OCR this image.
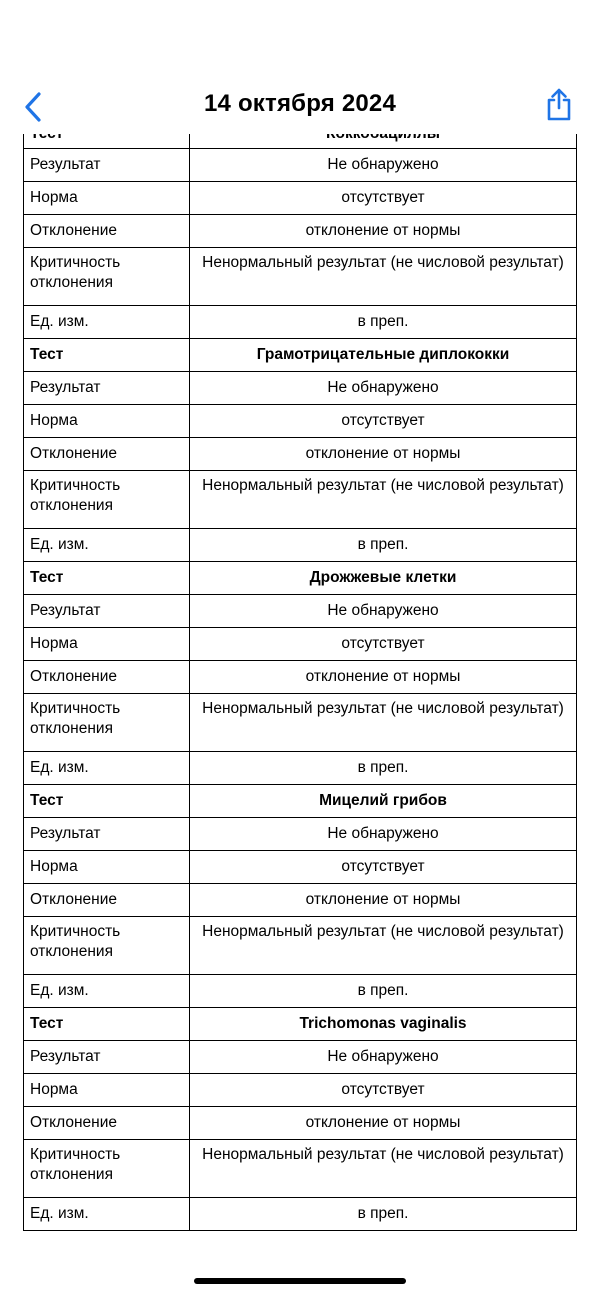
14 октября 2024

Результат	Не обнаружено
Норма	отсутствует
Отклонение	отклонение от нормы
Критичность отклонения	Ненормальный результат (не числовой результат)
Ед. изм.	в преп.
Тест	Грамотрицательные диплококки
Результат	Не обнаружено
Норма	отсутствует
Отклонение	отклонение от нормы
Критичность отклонения	Ненормальный результат (не числовой результат)
Ед. изм.	в преп.
Тест	Дрожжевые клетки
Результат	Не обнаружено
Норма	отсутствует
Отклонение	отклонение от нормы
Критичность отклонения	Ненормальный результат (не числовой результат)
Ед. изм.	в преп.
Тест	Мицелий грибов
Результат	Не обнаружено
Норма	отсутствует
Отклонение	отклонение от нормы
Критичность отклонения	Ненормальный результат (не числовой результат)
Ед. изм.	в преп.
Тест	Trichomonas vaginalis
Результат	Не обнаружено
Норма	отсутствует
Отклонение	отклонение от нормы
Критичность отклонения	Ненормальный результат (не числовой результат)
Ед. изм.	в преп.
